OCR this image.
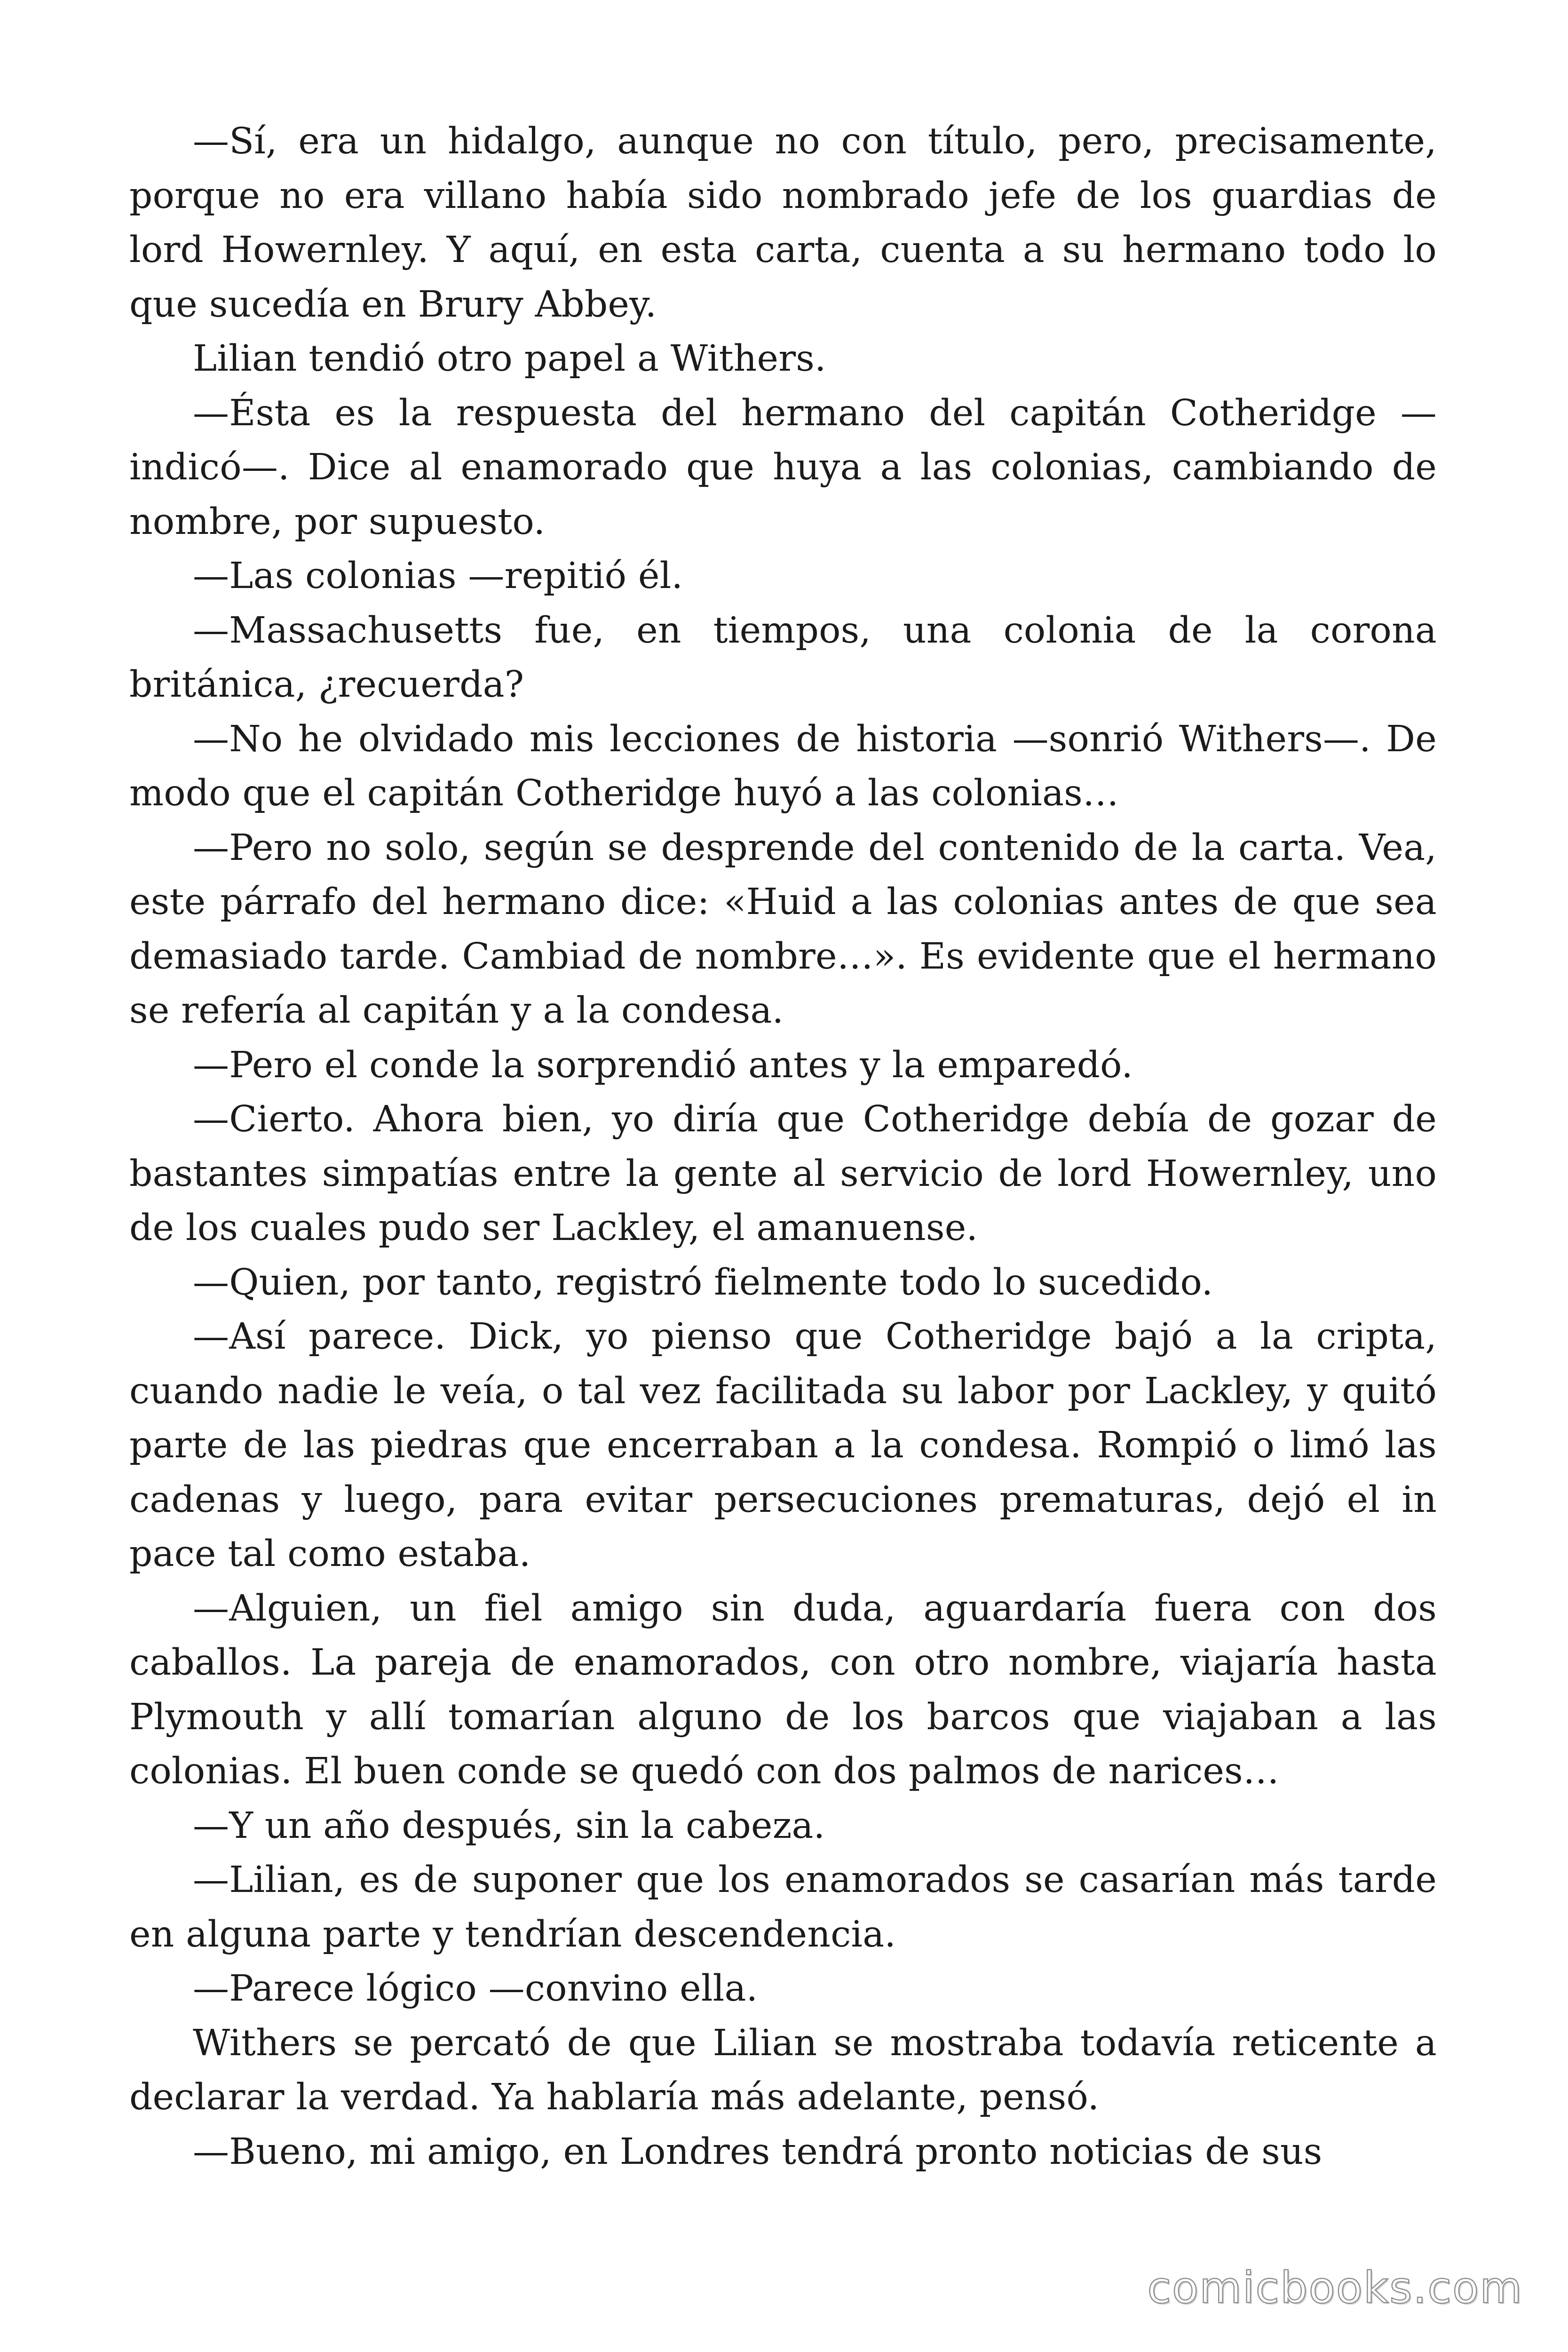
—Sí, era un hidalgo, aunque no con título, pero, precisamente, porque no era villano había sido nombrado jefe de los guardias de lord Howernley. Y aquí, en esta carta, cuenta a su hermano todo lo que sucedía en Brury Abbey.

Lilian tendió otro papel a Withers.

—Ésta es la respuesta del hermano del capitán Cotheridge — indicó—. Dice al enamorado que huya a las colonias, cambiando de nombre, por supuesto.

—Las colonias —repitió él.

—Massachusetts fue, en tiempos, una colonia de la corona británica, ¿recuerda?

—No he olvidado mis lecciones de historia —sonrió Withers—. De modo que el capitán Cotheridge huyó a las colonias…

—Pero no solo, según se desprende del contenido de la carta. Vea, este párrafo del hermano dice: «Huid a las colonias antes de que sea demasiado tarde. Cambiad de nombre…». Es evidente que el hermano se refería al capitán y a la condesa.

—Pero el conde la sorprendió antes y la emparedó.

—Cierto. Ahora bien, yo diría que Cotheridge debía de gozar de bastantes simpatías entre la gente al servicio de lord Howernley, uno de los cuales pudo ser Lackley, el amanuense.

—Quien, por tanto, registró fielmente todo lo sucedido.

—Así parece. Dick, yo pienso que Cotheridge bajó a la cripta, cuando nadie le veía, o tal vez facilitada su labor por Lackley, y quitó parte de las piedras que encerraban a la condesa. Rompió o limó las cadenas y luego, para evitar persecuciones prematuras, dejó el in pace tal como estaba.

—Alguien, un fiel amigo sin duda, aguardaría fuera con dos caballos. La pareja de enamorados, con otro nombre, viajaría hasta Plymouth y allí tomarían alguno de los barcos que viajaban a las colonias. El buen conde se quedó con dos palmos de narices…

—Y un año después, sin la cabeza.

—Lilian, es de suponer que los enamorados se casarían más tarde en alguna parte y tendrían descendencia.

—Parece lógico —convino ella.

Withers se percató de que Lilian se mostraba todavía reticente a declarar la verdad. Ya hablaría más adelante, pensó.

—Bueno, mi amigo, en Londres tendrá pronto noticias de sus

comicbooks.com
